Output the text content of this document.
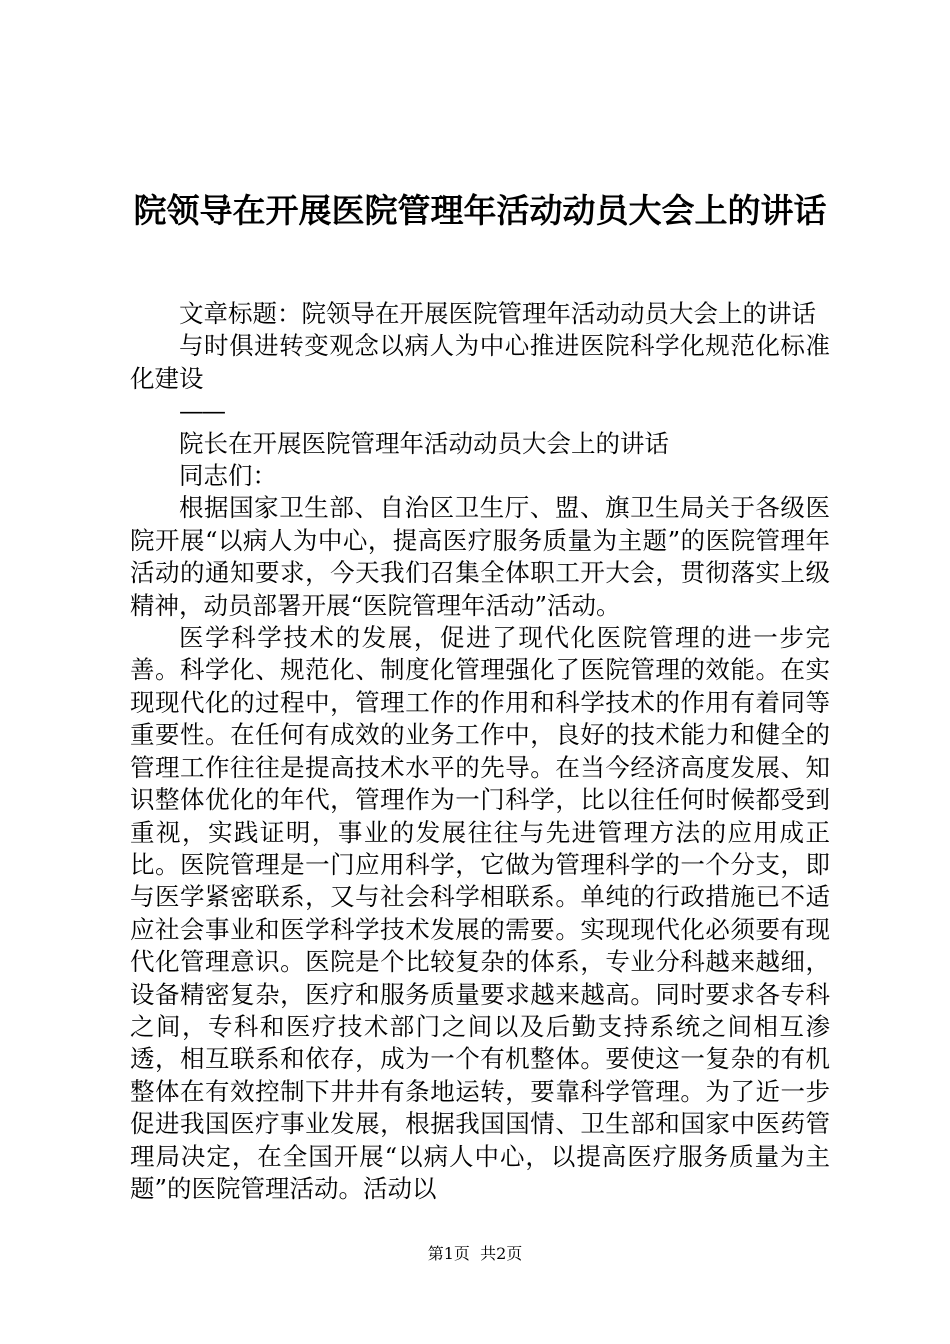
院领导在开展医院管理年活动动员大会上的讲话

文章标题：院领导在开展医院管理年活动动员大会上的讲话

与时俱进转变观念以病人为中心推进医院科学化规范化标准化建设

——

院长在开展医院管理年活动动员大会上的讲话

同志们：

根据国家卫生部、自治区卫生厅、盟、旗卫生局关于各级医院开展“以病人为中心，提高医疗服务质量为主题”的医院管理年活动的通知要求，今天我们召集全体职工开大会，贯彻落实上级精神，动员部署开展“医院管理年活动”活动。

医学科学技术的发展，促进了现代化医院管理的进一步完善。科学化、规范化、制度化管理强化了医院管理的效能。在实现现代化的过程中，管理工作的作用和科学技术的作用有着同等重要性。在任何有成效的业务工作中，良好的技术能力和健全的管理工作往往是提高技术水平的先导。在当今经济高度发展、知识整体优化的年代，管理作为一门科学，比以往任何时候都受到重视，实践证明，事业的发展往往与先进管理方法的应用成正比。医院管理是一门应用科学，它做为管理科学的一个分支，即与医学紧密联系，又与社会科学相联系。单纯的行政措施已不适应社会事业和医学科学技术发展的需要。实现现代化必须要有现代化管理意识。医院是个比较复杂的体系，专业分科越来越细，设备精密复杂，医疗和服务质量要求越来越高。同时要求各专科之间，专科和医疗技术部门之间以及后勤支持系统之间相互渗透，相互联系和依存，成为一个有机整体。要使这一复杂的有机整体在有效控制下井井有条地运转，要靠科学管理。为了近一步促进我国医疗事业发展，根据我国国情、卫生部和国家中医药管理局决定，在全国开展“以病人中心，以提高医疗服务质量为主题”的医院管理活动。活动以

第1页  共2页
